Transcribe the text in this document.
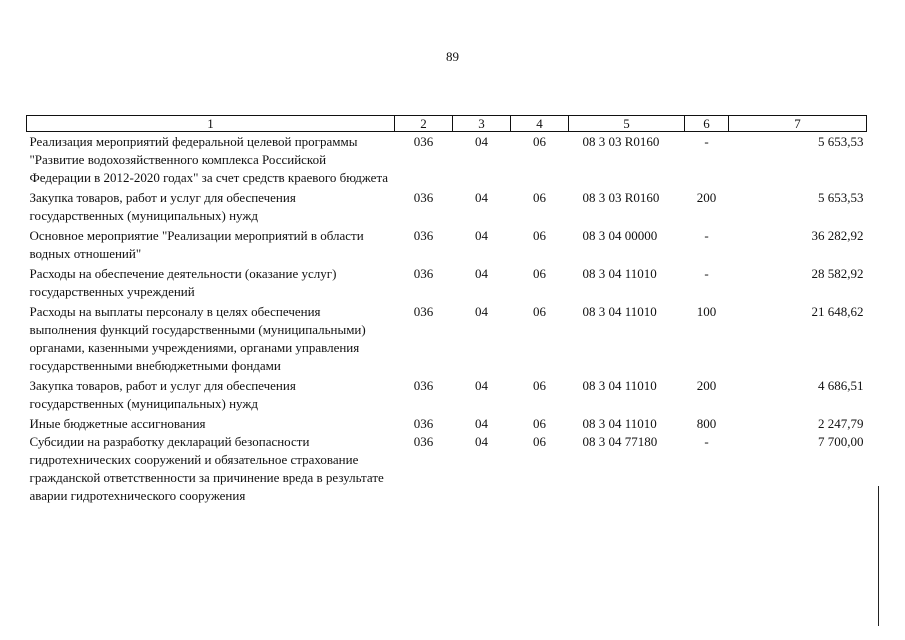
89
1	2	3	4	5	6	7
Реализация мероприятий федеральной целевой программы "Развитие водохозяйственного комплекса Российской Федерации в 2012-2020 годах" за счет средств краевого бюджета	036	04	06	08 3 03 R0160	-	5 653,53
Закупка товаров, работ и услуг для обеспечения государственных (муниципальных) нужд	036	04	06	08 3 03 R0160	200	5 653,53
Основное мероприятие "Реализации мероприятий в области водных отношений"	036	04	06	08 3 04 00000	-	36 282,92
Расходы на обеспечение деятельности (оказание услуг) государственных учреждений	036	04	06	08 3 04 11010	-	28 582,92
Расходы на выплаты персоналу в целях обеспечения выполнения функций государственными (муниципальными) органами, казенными учреждениями, органами управления государственными внебюджетными фондами	036	04	06	08 3 04 11010	100	21 648,62
Закупка товаров, работ и услуг для обеспечения государственных (муниципальных) нужд	036	04	06	08 3 04 11010	200	4 686,51
Иные бюджетные ассигнования	036	04	06	08 3 04 11010	800	2 247,79
Субсидии на разработку деклараций безопасности гидротехнических сооружений и обязательное страхование гражданской ответственности за причинение вреда в результате аварии гидротехнического сооружения	036	04	06	08 3 04 77180	-	7 700,00
